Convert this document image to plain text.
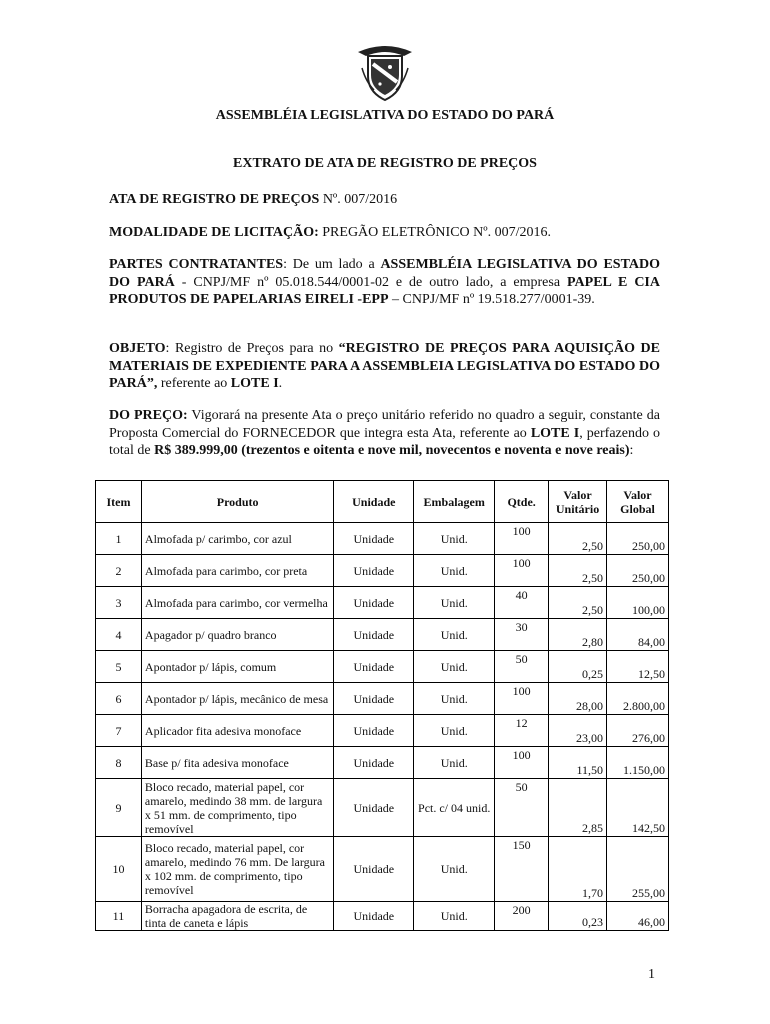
ASSEMBLÉIA LEGISLATIVA DO ESTADO DO PARÁ
EXTRATO DE ATA DE REGISTRO DE PREÇOS
ATA DE REGISTRO DE PREÇOS Nº. 007/2016
MODALIDADE DE LICITAÇÃO: PREGÃO ELETRÔNICO Nº. 007/2016.
PARTES CONTRATANTES: De um lado a ASSEMBLÉIA LEGISLATIVA DO ESTADO DO PARÁ - CNPJ/MF nº 05.018.544/0001-02 e de outro lado, a empresa PAPEL E CIA PRODUTOS DE PAPELARIAS EIRELI -EPP – CNPJ/MF nº 19.518.277/0001-39.
OBJETO: Registro de Preços para no “REGISTRO DE PREÇOS PARA AQUISIÇÃO DE MATERIAIS DE EXPEDIENTE PARA A ASSEMBLEIA LEGISLATIVA DO ESTADO DO PARÁ”, referente ao LOTE I.
DO PREÇO: Vigorará na presente Ata o preço unitário referido no quadro a seguir, constante da Proposta Comercial do FORNECEDOR que integra esta Ata, referente ao LOTE I, perfazendo o total de R$ 389.999,00 (trezentos e oitenta e nove mil, novecentos e noventa e nove reais):
Item	Produto	Unidade	Embalagem	Qtde.	Valor Unitário	Valor Global
1	Almofada p/ carimbo, cor azul	Unidade	Unid.	100	2,50	250,00
2	Almofada para carimbo, cor preta	Unidade	Unid.	100	2,50	250,00
3	Almofada para carimbo, cor vermelha	Unidade	Unid.	40	2,50	100,00
4	Apagador p/ quadro branco	Unidade	Unid.	30	2,80	84,00
5	Apontador p/ lápis, comum	Unidade	Unid.	50	0,25	12,50
6	Apontador p/ lápis, mecânico de mesa	Unidade	Unid.	100	28,00	2.800,00
7	Aplicador fita adesiva monoface	Unidade	Unid.	12	23,00	276,00
8	Base p/ fita adesiva monoface	Unidade	Unid.	100	11,50	1.150,00
9	Bloco recado, material papel, cor amarelo, medindo 38 mm. de largura x 51 mm. de comprimento, tipo removível	Unidade	Pct. c/ 04 unid.	50	2,85	142,50
10	Bloco recado, material papel, cor amarelo, medindo 76 mm. De largura x 102 mm. de comprimento, tipo removível	Unidade	Unid.	150	1,70	255,00
11	Borracha apagadora de escrita, de tinta de caneta e lápis	Unidade	Unid.	200	0,23	46,00
1
